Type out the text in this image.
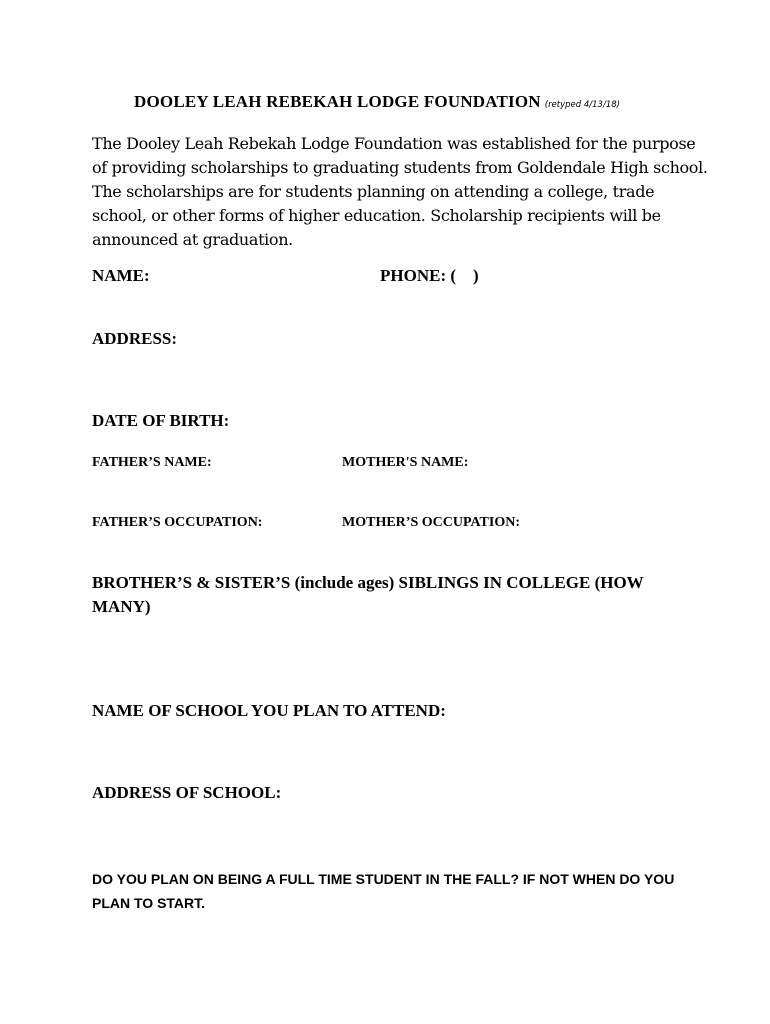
DOOLEY LEAH REBEKAH LODGE FOUNDATION (retyped 4/13/18)

The Dooley Leah Rebekah Lodge Foundation was established for the purpose of providing scholarships to graduating students from Goldendale High school. The scholarships are for students planning on attending a college, trade school, or other forms of higher education. Scholarship recipients will be announced at graduation.

NAME:	PHONE: (    )
ADDRESS:
DATE OF BIRTH:
FATHER’S NAME:	MOTHER'S NAME:
FATHER’S OCCUPATION:	MOTHER’S OCCUPATION:

BROTHER’S & SISTER’S (include ages) SIBLINGS IN COLLEGE (HOW MANY)

NAME OF SCHOOL YOU PLAN TO ATTEND:
ADDRESS OF SCHOOL:

DO YOU PLAN ON BEING A FULL TIME STUDENT IN THE FALL? IF NOT WHEN DO YOU PLAN TO START.
